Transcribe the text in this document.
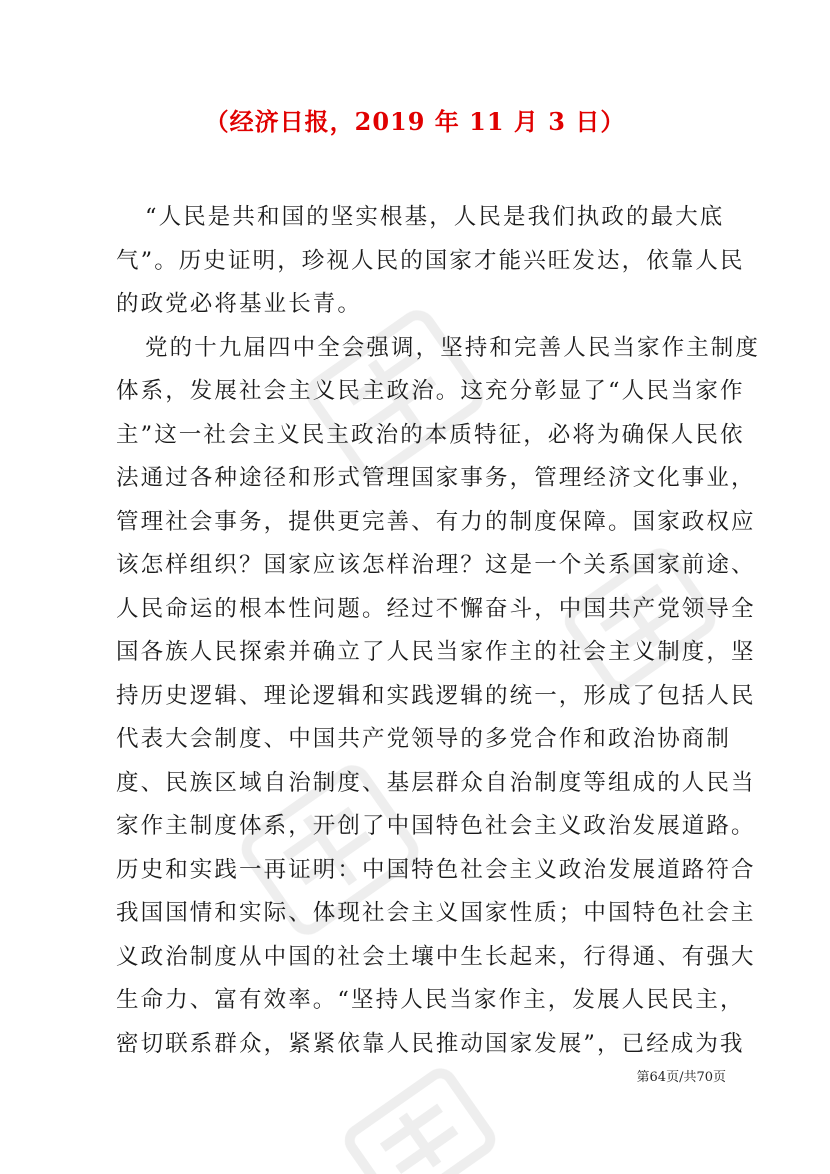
（经济日报，2019 年 11 月 3 日）
“人民是共和国的坚实根基，人民是我们执政的最大底
气”。历史证明，珍视人民的国家才能兴旺发达，依靠人民
的政党必将基业长青。
党的十九届四中全会强调，坚持和完善人民当家作主制度
体系，发展社会主义民主政治。这充分彰显了“人民当家作
主”这一社会主义民主政治的本质特征，必将为确保人民依
法通过各种途径和形式管理国家事务，管理经济文化事业，
管理社会事务，提供更完善、有力的制度保障。国家政权应
该怎样组织？国家应该怎样治理？这是一个关系国家前途、
人民命运的根本性问题。经过不懈奋斗，中国共产党领导全
国各族人民探索并确立了人民当家作主的社会主义制度，坚
持历史逻辑、理论逻辑和实践逻辑的统一，形成了包括人民
代表大会制度、中国共产党领导的多党合作和政治协商制
度、民族区域自治制度、基层群众自治制度等组成的人民当
家作主制度体系，开创了中国特色社会主义政治发展道路。
历史和实践一再证明：中国特色社会主义政治发展道路符合
我国国情和实际、体现社会主义国家性质；中国特色社会主
义政治制度从中国的社会土壤中生长起来，行得通、有强大
生命力、富有效率。“坚持人民当家作主，发展人民民主，
密切联系群众，紧紧依靠人民推动国家发展”，已经成为我
第64页/共70页
